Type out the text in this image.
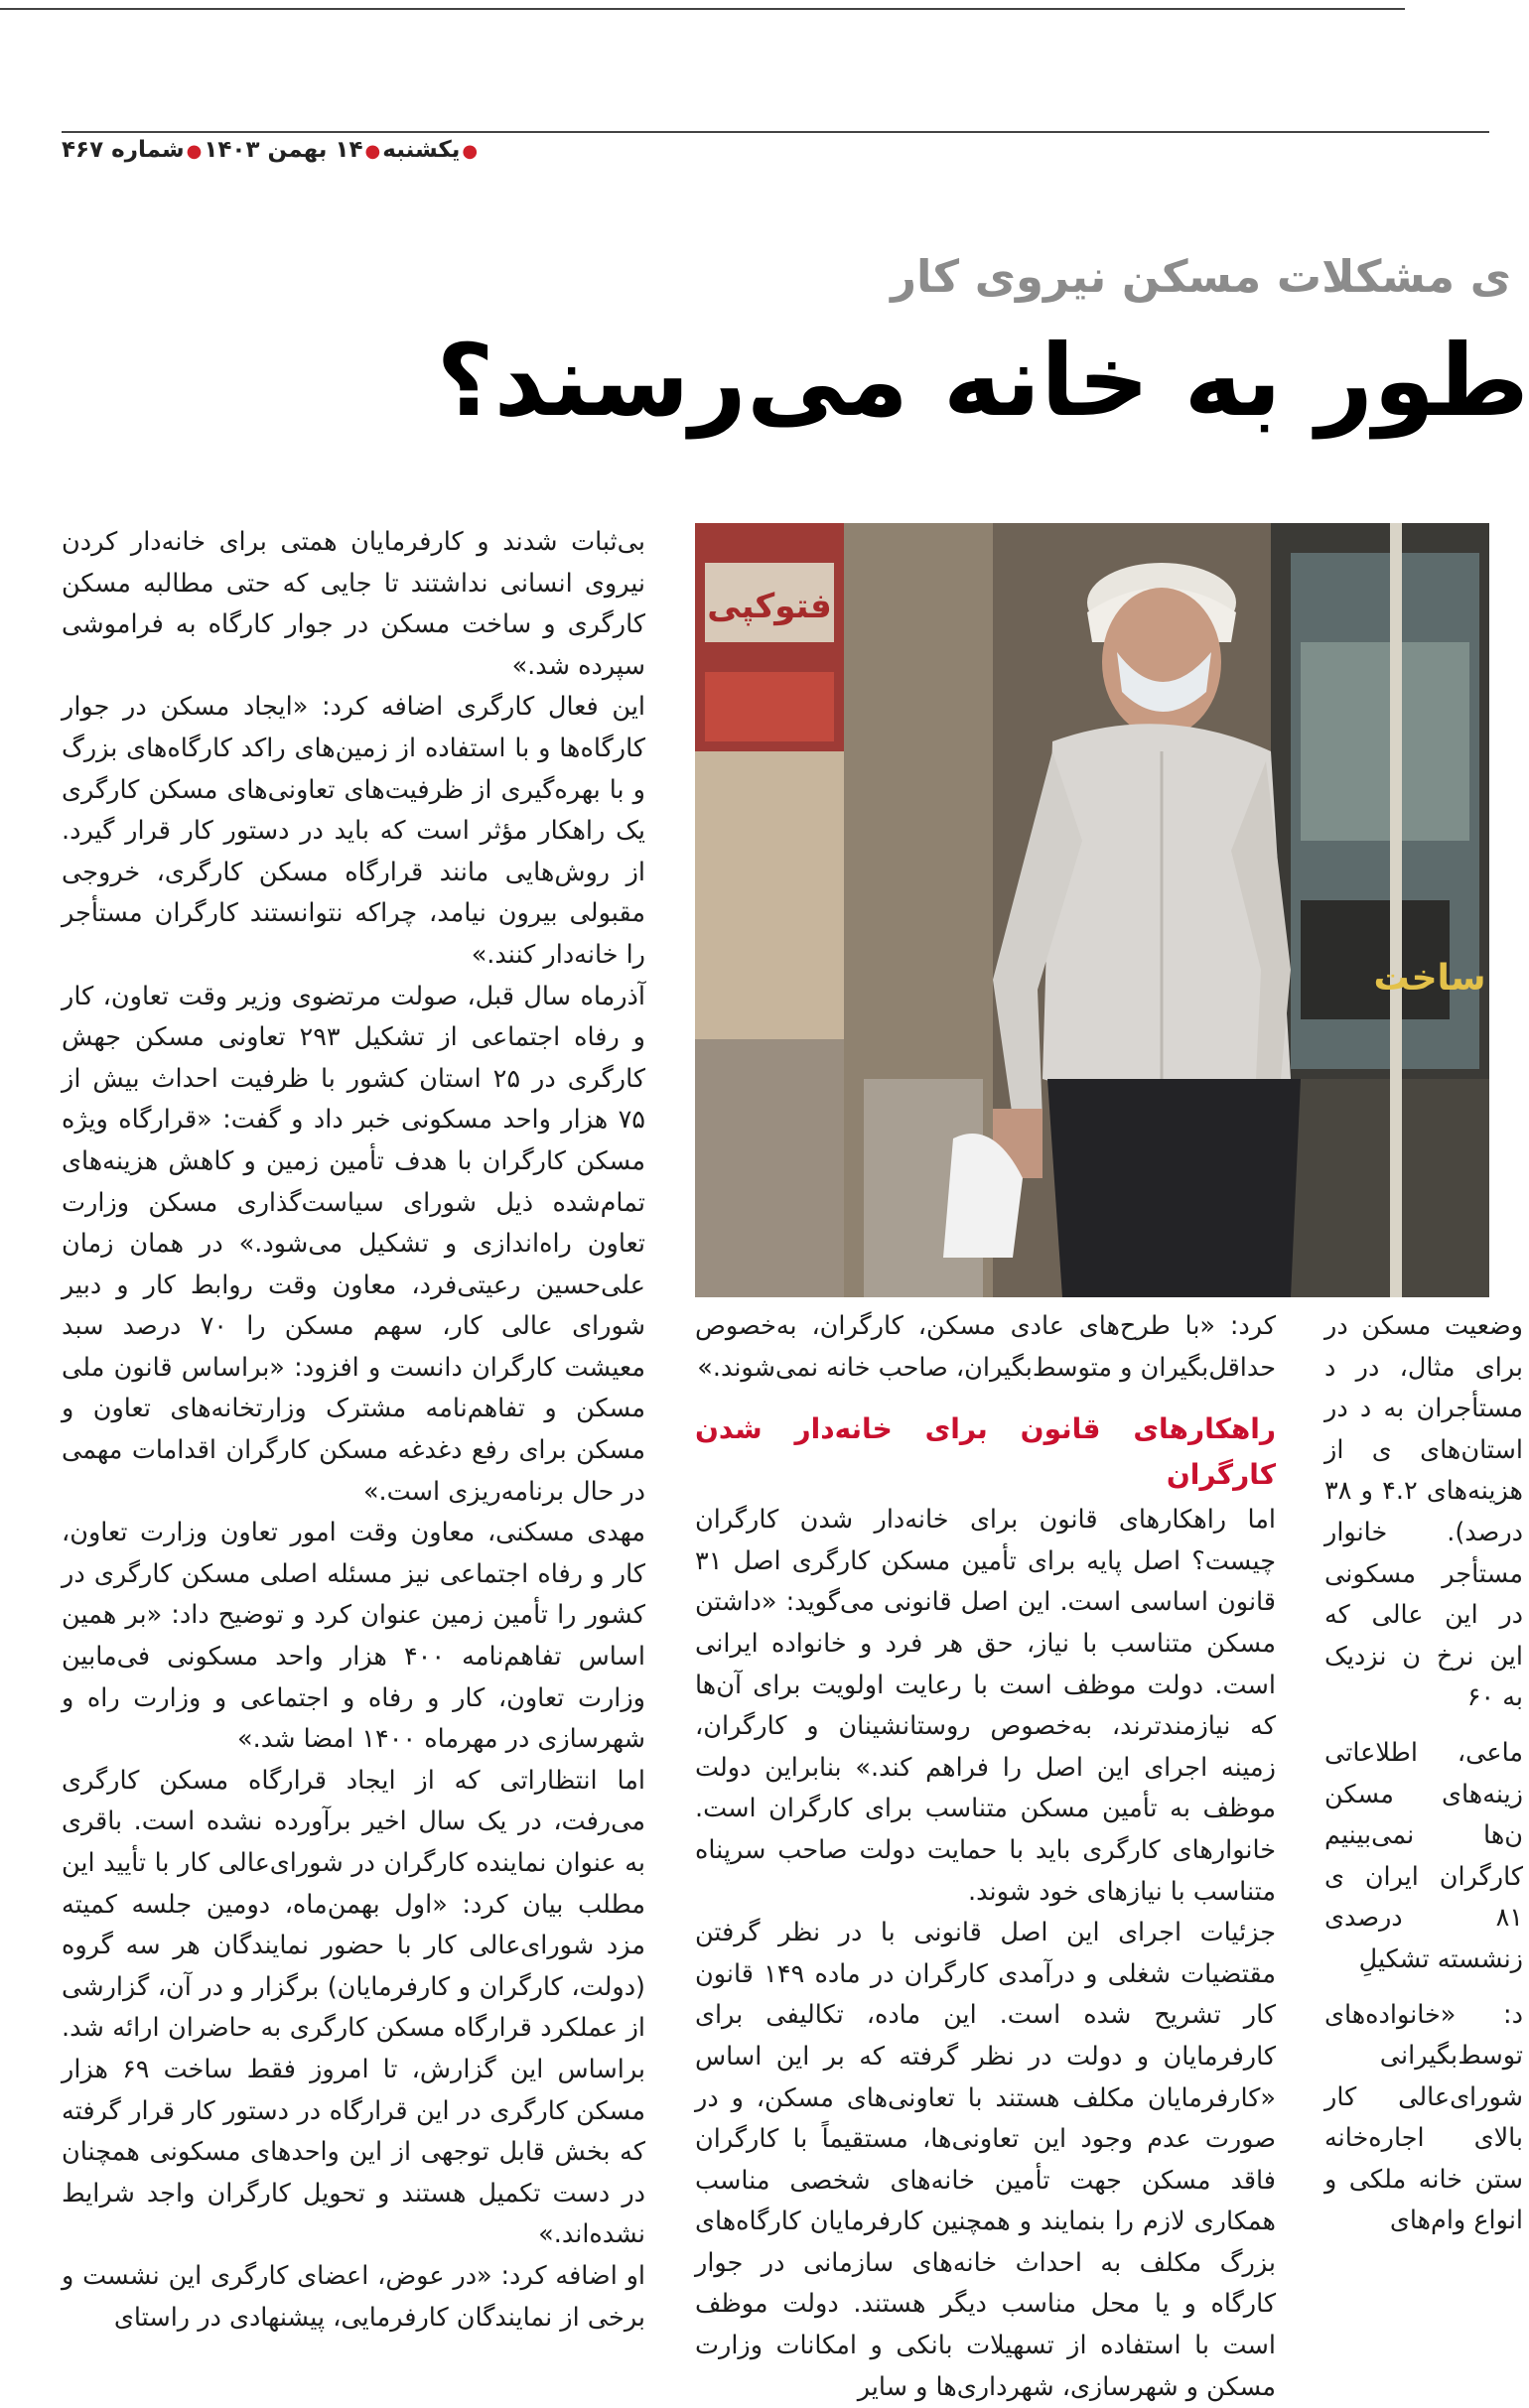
●یکشنبه●۱۴ بهمن ۱۴۰۳●شماره ۴۶۷
ی مشکلات مسکن نیروی کار
طور به خانه می‌رسند؟
فتوکپی
ساخت

بی‌ثبات شدند و کارفرمایان همتی برای خانه‌دار کردن نیروی انسانی نداشتند تا جایی که حتی مطالبه مسکن کارگری و ساخت مسکن در جوار کارگاه به فراموشی سپرده شد.»

این فعال کارگری اضافه کرد: «ایجاد مسکن در جوار کارگاه‌ها و با استفاده از زمین‌های راکد کارگاه‌های بزرگ و با بهره‌گیری از ظرفیت‌های تعاونی‌های مسکن کارگری یک راهکار مؤثر است که باید در دستور کار قرار گیرد. از روش‌هایی مانند قرارگاه مسکن کارگری، خروجی مقبولی بیرون نیامد، چراکه نتوانستند کارگران مستأجر را خانه‌دار کنند.»

آذرماه سال قبل، صولت مرتضوی وزیر وقت تعاون، کار و رفاه اجتماعی از تشکیل ۲۹۳ تعاونی مسکن جهش کارگری در ۲۵ استان کشور با ظرفیت احداث بیش از ۷۵ هزار واحد مسکونی خبر داد و گفت: «قرارگاه ویژه مسکن کارگران با هدف تأمین زمین و کاهش هزینه‌های تمام‌شده ذیل شورای سیاست‌گذاری مسکن وزارت تعاون راه‌اندازی و تشکیل می‌شود.» در همان زمان علی‌حسین رعیتی‌فرد، معاون وقت روابط کار و دبیر شورای عالی کار، سهم مسکن را ۷۰ درصد سبد معیشت کارگران دانست و افزود: «براساس قانون ملی مسکن و تفاهم‌نامه مشترک وزارتخانه‌های تعاون و مسکن برای رفع دغدغه مسکن کارگران اقدامات مهمی در حال برنامه‌ریزی است.»

مهدی مسکنی، معاون وقت امور تعاون وزارت تعاون، کار و رفاه اجتماعی نیز مسئله اصلی مسکن کارگری در کشور را تأمین زمین عنوان کرد و توضیح داد: «بر همین اساس تفاهم‌نامه ۴۰۰ هزار واحد مسکونی فی‌مابین وزارت تعاون، کار و رفاه و اجتماعی و وزارت راه و شهرسازی در مهرماه ۱۴۰۰ امضا شد.»

اما انتظاراتی که از ایجاد قرارگاه مسکن کارگری می‌رفت، در یک سال اخیر برآورده نشده است. باقری به عنوان نماینده کارگران در شورای‌عالی کار با تأیید این مطلب بیان کرد: «اول بهمن‌ماه، دومین جلسه کمیته مزد شورای‌عالی کار با حضور نمایندگان هر سه گروه (دولت، کارگران و کارفرمایان) برگزار و در آن، گزارشی از عملکرد قرارگاه مسکن کارگری به حاضران ارائه شد. براساس این گزارش، تا امروز فقط ساخت ۶۹ هزار مسکن کارگری در این قرارگاه در دستور کار قرار گرفته که بخش قابل توجهی از این واحدهای مسکونی همچنان در دست تکمیل هستند و تحویل کارگران واجد شرایط نشده‌اند.»

او اضافه کرد: «در عوض، اعضای کارگری این نشست و برخی از نمایندگان کارفرمایی، پیشنهادی در راستای

کرد: «با طرح‌های عادی مسکن، کارگران، به‌خصوص حداقل‌بگیران و متوسط‌بگیران، صاحب خانه نمی‌شوند.»

راهکارهای قانون برای خانه‌دار شدن کارگران

اما راهکارهای قانون برای خانه‌دار شدن کارگران چیست؟ اصل پایه برای تأمین مسکن کارگری اصل ۳۱ قانون اساسی است. این اصل قانونی می‌گوید: «داشتن مسکن متناسب با نیاز، حق هر فرد و خانواده ایرانی است. دولت موظف است با رعایت اولویت برای آن‌ها که نیازمندترند، به‌خصوص روستانشینان و کارگران، زمینه اجرای این اصل را فراهم کند.» بنابراین دولت موظف به تأمین مسکن متناسب برای کارگران است. خانوارهای کارگری باید با حمایت دولت صاحب سرپناه متناسب با نیازهای خود شوند.

جزئیات اجرای این اصل قانونی با در نظر گرفتن مقتضیات شغلی و درآمدی کارگران در ماده ۱۴۹ قانون کار تشریح شده است. این ماده، تکالیفی برای کارفرمایان و دولت در نظر گرفته که بر این اساس «کارفرمایان مکلف هستند با تعاونی‌های مسکن، و در صورت عدم وجود این تعاونی‌ها، مستقیماً با کارگران فاقد مسکن جهت تأمین خانه‌های شخصی مناسب همکاری لازم را بنمایند و همچنین کارفرمایان کارگاه‌های بزرگ مکلف به احداث خانه‌های سازمانی در جوار کارگاه و یا محل مناسب دیگر هستند. دولت موظف است با استفاده از تسهیلات بانکی و امکانات وزارت مسکن و شهرسازی، شهرداری‌ها و سایر

وضعیت مسکن در برای مثال، در د مستأجران به د در استان‌های ی از هزینه‌های ۴.۲ و ۳۸ درصد). خانوار مستأجر مسکونی در این عالی که این نرخ ن نزدیک به ۶۰

ماعی، اطلاعاتی زینه‌های مسکن ن‌ها نمی‌بینیم کارگران ایران ی ۸۱ درصدی زنشسته تشکیلِ

د: «خانواده‌های توسط‌بگیرانی شورای‌عالی کار بالای اجاره‌خانه ستن خانه ملکی و انواع وام‌های
